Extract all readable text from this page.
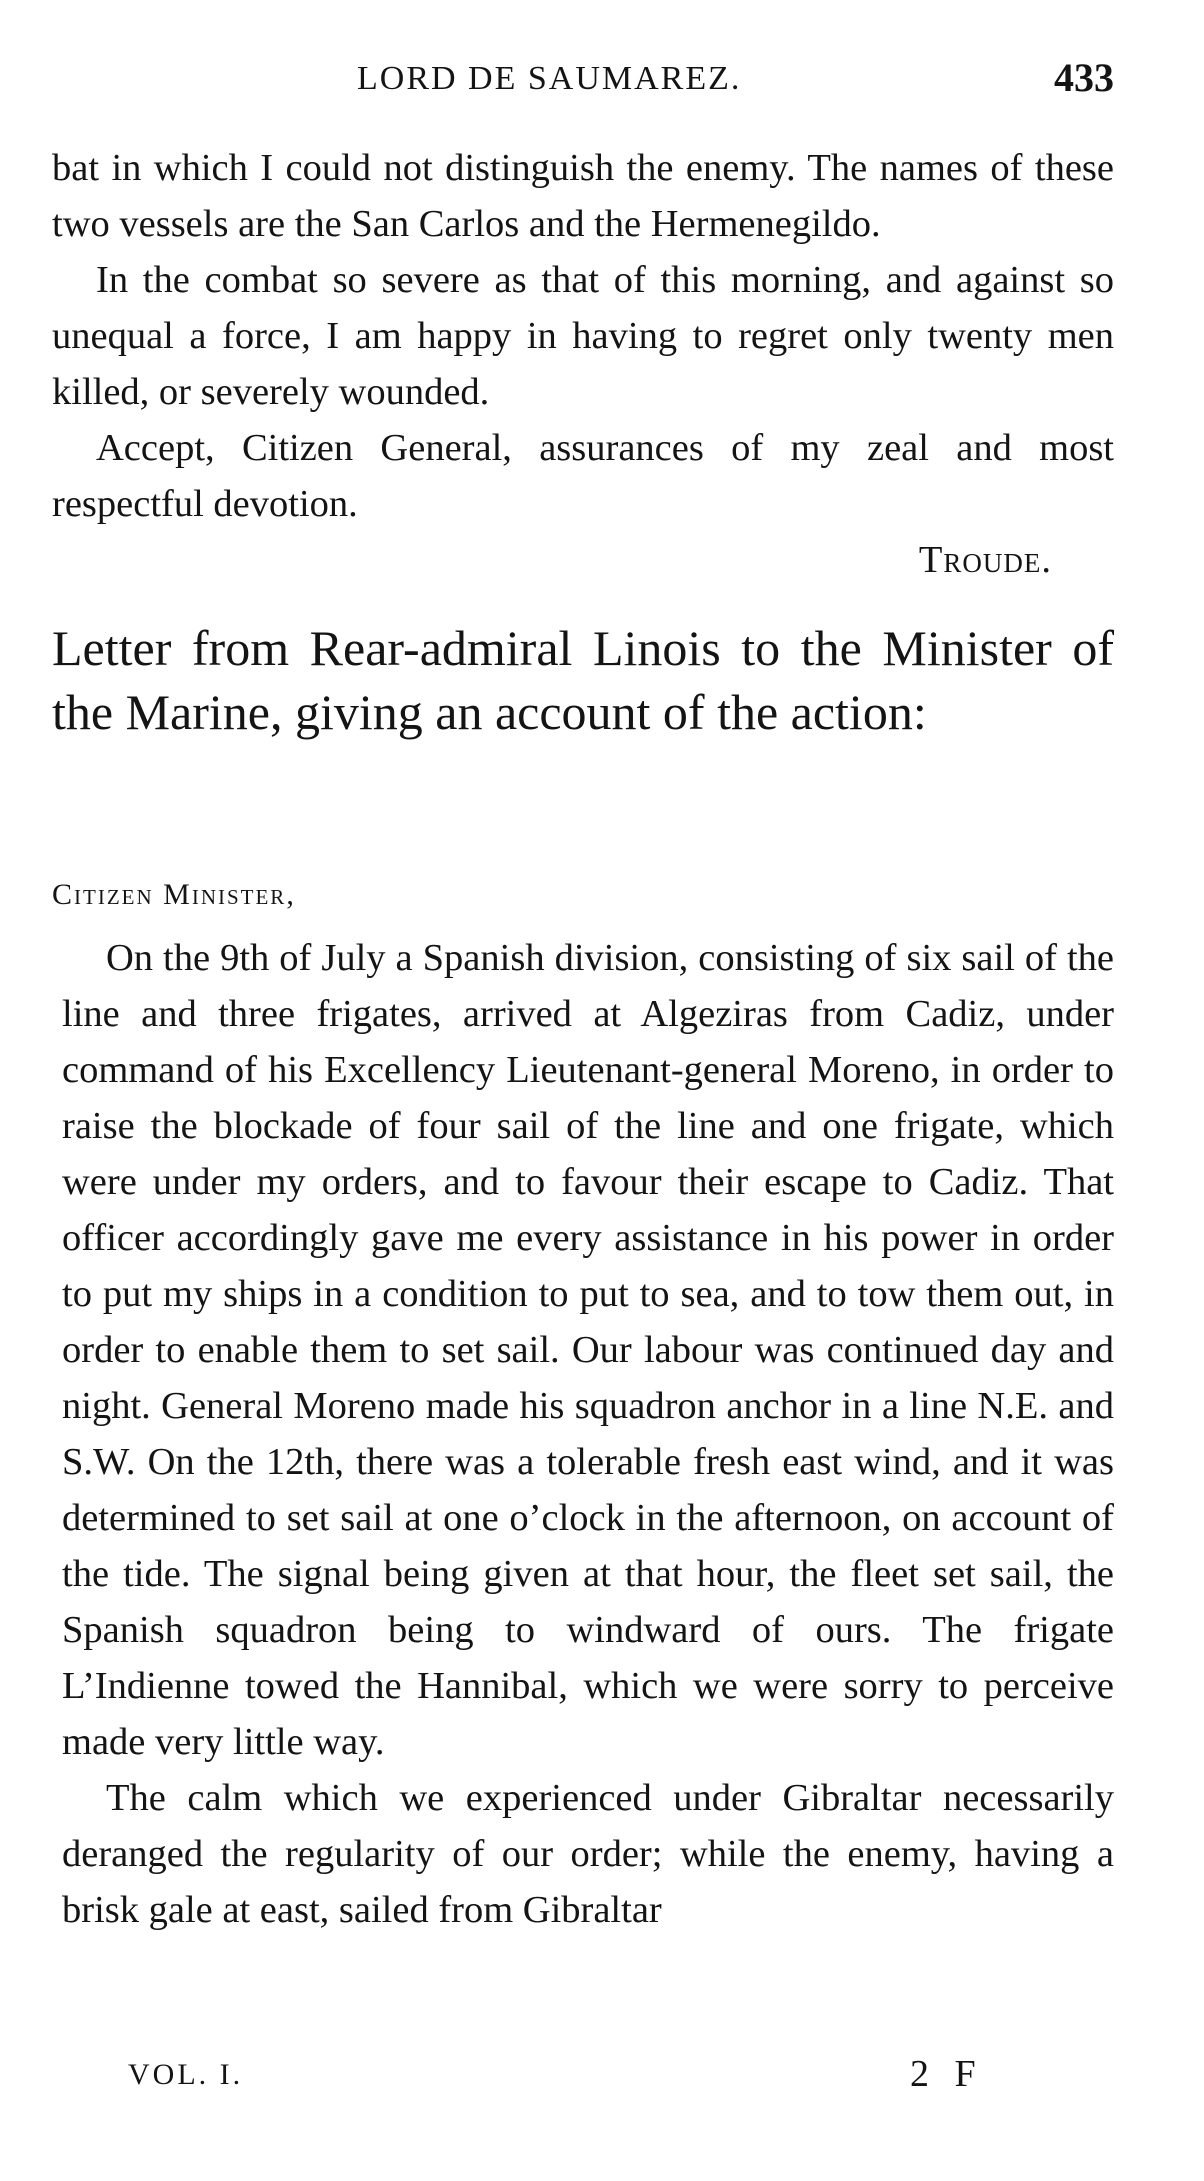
LORD DE SAUMAREZ.	433

bat in which I could not distinguish the enemy. The names of these two vessels are the San Carlos and the Hermenegildo.

In the combat so severe as that of this morning, and against so unequal a force, I am happy in having to regret only twenty men killed, or severely wounded.

Accept, Citizen General, assurances of my zeal and most respectful devotion.

Troude.
Letter from Rear-admiral Linois to the Minister of the Marine, giving an account of the action:
Citizen Minister,

On the 9th of July a Spanish division, consisting of six sail of the line and three frigates, arrived at Algeziras from Cadiz, under command of his Excellency Lieutenant-general Moreno, in order to raise the blockade of four sail of the line and one frigate, which were under my orders, and to favour their escape to Cadiz. That officer accordingly gave me every assistance in his power in order to put my ships in a condition to put to sea, and to tow them out, in order to enable them to set sail. Our labour was continued day and night. General Moreno made his squadron anchor in a line N.E. and S.W. On the 12th, there was a tolerable fresh east wind, and it was determined to set sail at one o’clock in the afternoon, on account of the tide. The signal being given at that hour, the fleet set sail, the Spanish squadron being to windward of ours. The frigate L’Indienne towed the Hannibal, which we were sorry to perceive made very little way.

The calm which we experienced under Gibraltar necessarily deranged the regularity of our order; while the enemy, having a brisk gale at east, sailed from Gibraltar

VOL. I.	2 F
